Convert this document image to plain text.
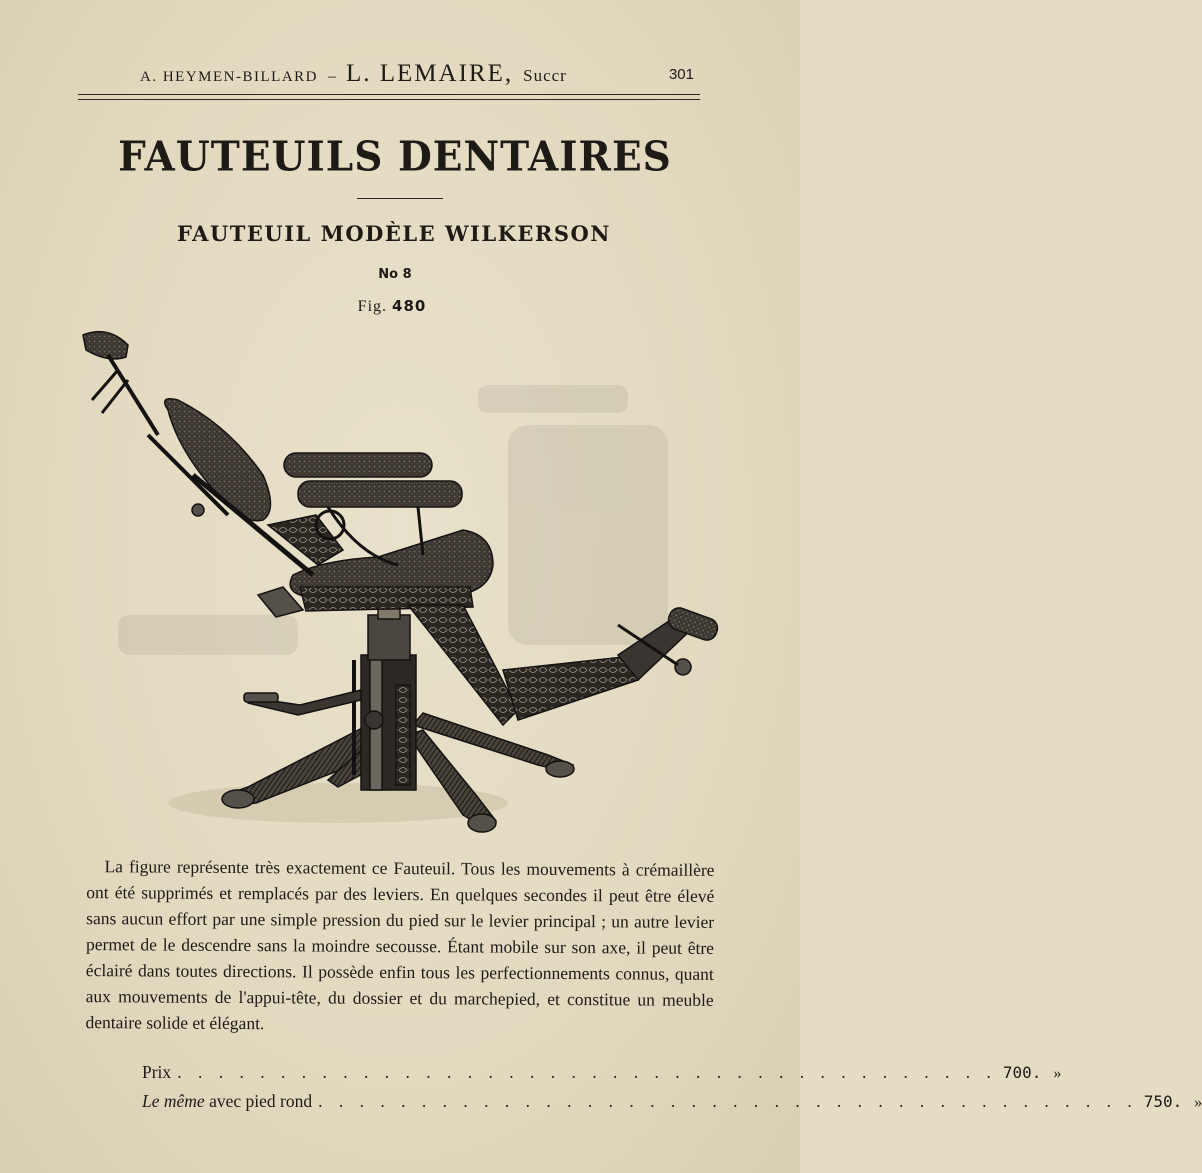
A. HEYMEN-BILLARD – L. LEMAIRE, Succr	301
FAUTEUILS DENTAIRES
FAUTEUIL MODÈLE WILKERSON
No 8
Fig. 480
La figure représente très exactement ce Fauteuil. Tous les mouvements à crémaillère ont été supprimés et remplacés par des leviers. En quelques secondes il peut être élevé sans aucun effort par une simple pression du pied sur le levier principal ; un autre levier permet de le descendre sans la moindre secousse. Étant mobile sur son axe, il peut être éclairé dans toutes directions. Il possède enfin tous les perfectionnements connus, quant aux mouvements de l'appui-tête, du dossier et du marchepied, et constitue un meuble dentaire solide et élégant.
Prix . . . . . . . . . . . . . . . . . . . . . . . . . . . . . . . . . . . . . . . . 700. »
Le même avec pied rond . . . . . . . . . . . . . . . . . . . . . . . . . . . . . . . . . . . . . . . . 750. »
